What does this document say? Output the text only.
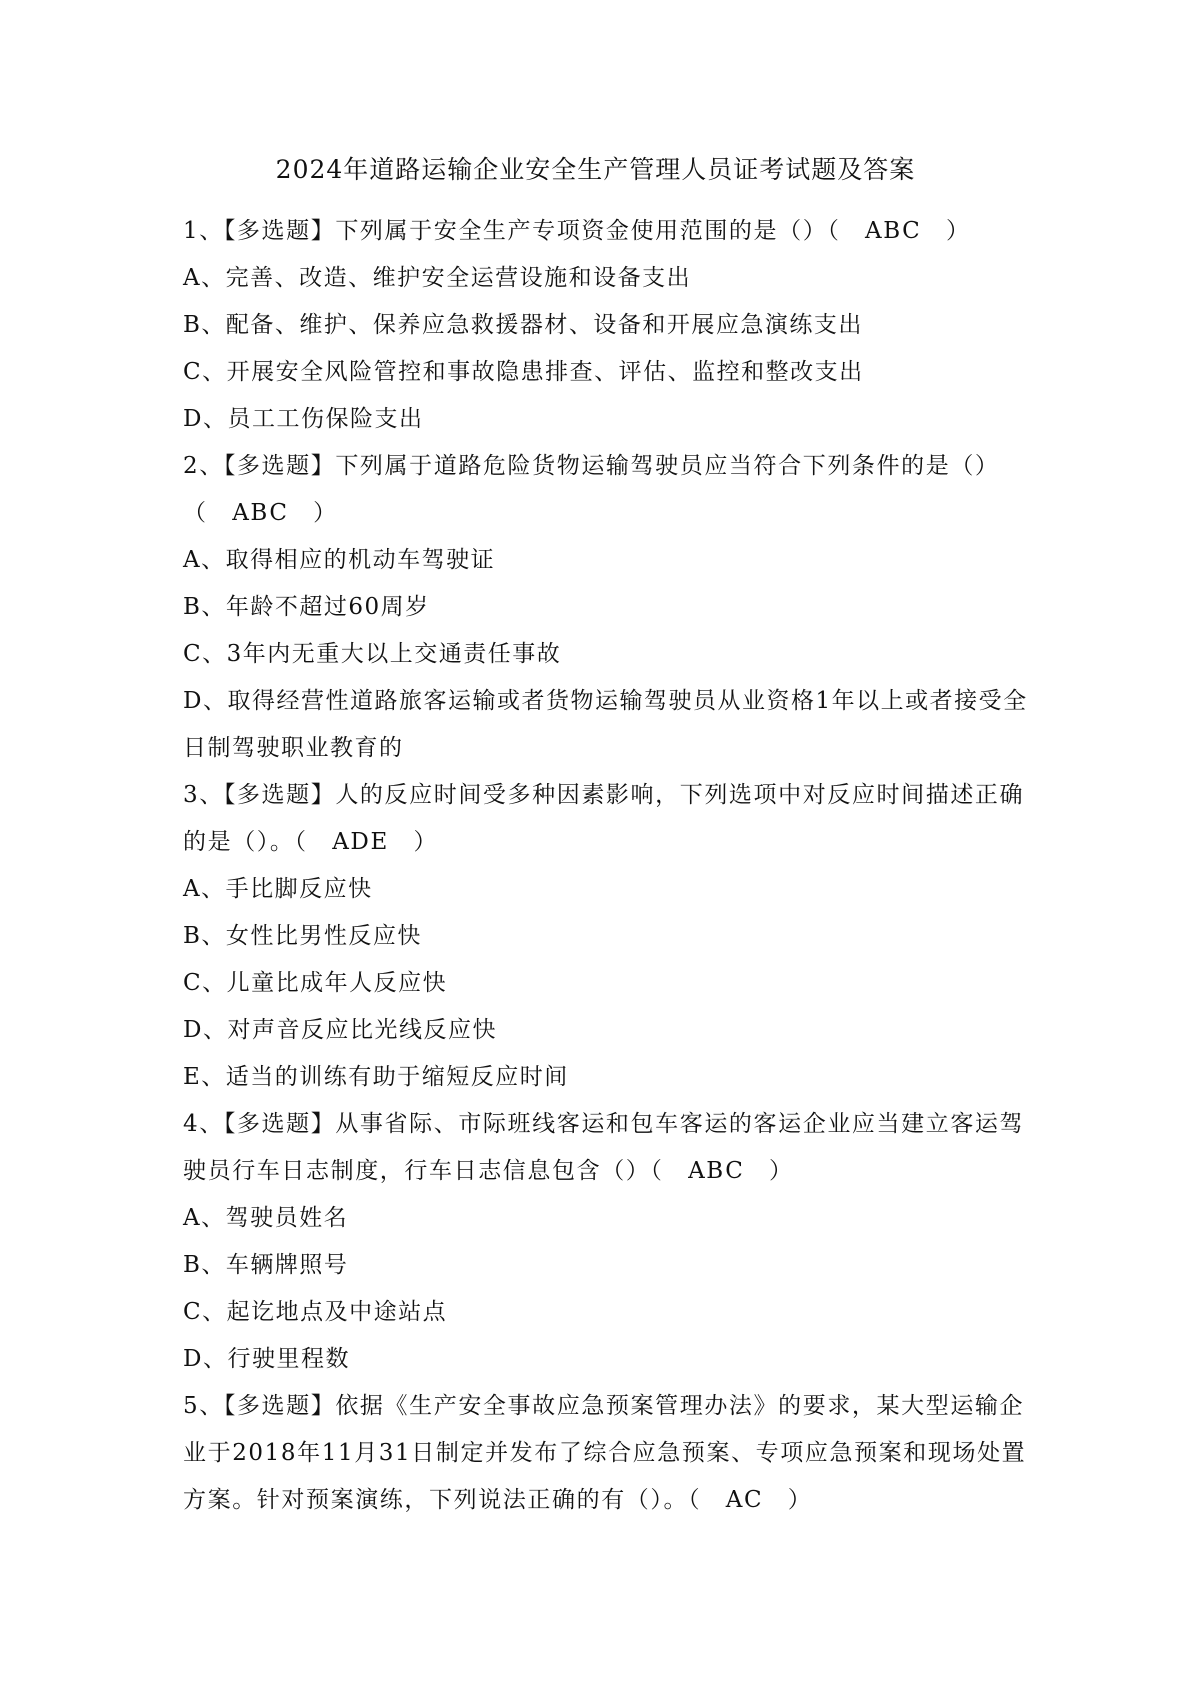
2024年道路运输企业安全生产管理人员证考试题及答案
1、【多选题】下列属于安全生产专项资金使用范围的是（）（　ABC　）
A、完善、改造、维护安全运营设施和设备支出
B、配备、维护、保养应急救援器材、设备和开展应急演练支出
C、开展安全风险管控和事故隐患排查、评估、监控和整改支出
D、员工工伤保险支出
2、【多选题】下列属于道路危险货物运输驾驶员应当符合下列条件的是（）
（　ABC　）
A、取得相应的机动车驾驶证
B、年龄不超过60周岁
C、3年内无重大以上交通责任事故
D、取得经营性道路旅客运输或者货物运输驾驶员从业资格1年以上或者接受全
日制驾驶职业教育的
3、【多选题】人的反应时间受多种因素影响，下列选项中对反应时间描述正确
的是（）。（　ADE　）
A、手比脚反应快
B、女性比男性反应快
C、儿童比成年人反应快
D、对声音反应比光线反应快
E、适当的训练有助于缩短反应时间
4、【多选题】从事省际、市际班线客运和包车客运的客运企业应当建立客运驾
驶员行车日志制度，行车日志信息包含（）（　ABC　）
A、驾驶员姓名
B、车辆牌照号
C、起讫地点及中途站点
D、行驶里程数
5、【多选题】依据《生产安全事故应急预案管理办法》的要求，某大型运输企
业于2018年11月31日制定并发布了综合应急预案、专项应急预案和现场处置
方案。针对预案演练，下列说法正确的有（）。（　AC　）
